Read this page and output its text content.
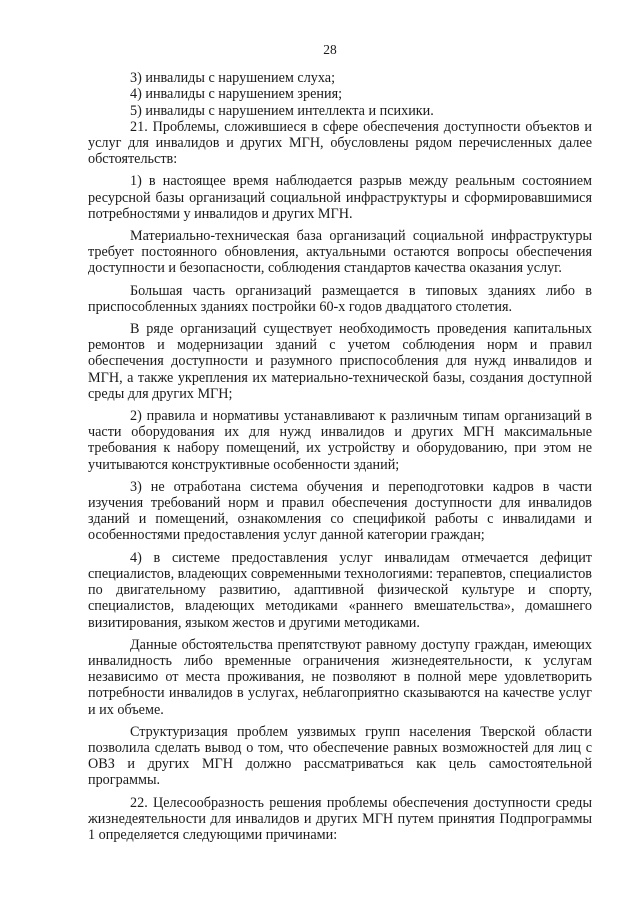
28

3) инвалиды с нарушением слуха;

4) инвалиды с нарушением зрения;

5) инвалиды с нарушением интеллекта и психики.

21. Проблемы, сложившиеся в сфере обеспечения доступности объектов и услуг для инвалидов и других МГН, обусловлены рядом перечисленных далее обстоятельств:

1) в настоящее время наблюдается разрыв между реальным состоянием ресурсной базы организаций социальной инфраструктуры и сформировавшимися потребностями у инвалидов и других МГН.

Материально-техническая база организаций социальной инфраструктуры требует постоянного обновления, актуальными остаются вопросы обеспечения доступности и безопасности, соблюдения стандартов качества оказания услуг.

Большая часть организаций размещается в типовых зданиях либо в приспособленных зданиях постройки 60-х годов двадцатого столетия.

В ряде организаций существует необходимость проведения капитальных ремонтов и модернизации зданий с учетом соблюдения норм и правил обеспечения доступности и разумного приспособления для нужд инвалидов и МГН, а также укрепления их материально-технической базы, создания доступной среды для других МГН;

2) правила и нормативы устанавливают к различным типам организаций в части оборудования их для нужд инвалидов и других МГН максимальные требования к набору помещений, их устройству и оборудованию, при этом не учитываются конструктивные особенности зданий;

3) не отработана система обучения и переподготовки кадров в части изучения требований норм и правил обеспечения доступности для инвалидов зданий и помещений, ознакомления со спецификой работы с инвалидами и особенностями предоставления услуг данной категории граждан;

4) в системе предоставления услуг инвалидам отмечается дефицит специалистов, владеющих современными технологиями: терапевтов, специалистов по двигательному развитию, адаптивной физической культуре и спорту, специалистов, владеющих методиками «раннего вмешательства», домашнего визитирования, языком жестов и другими методиками.

Данные обстоятельства препятствуют равному доступу граждан, имеющих инвалидность либо временные ограничения жизнедеятельности, к услугам независимо от места проживания, не позволяют в полной мере удовлетворить потребности инвалидов в услугах, неблагоприятно сказываются на качестве услуг и их объеме.

Структуризация проблем уязвимых групп населения Тверской области позволила сделать вывод о том, что обеспечение равных возможностей для лиц с ОВЗ и других МГН должно рассматриваться как цель самостоятельной программы.

22. Целесообразность решения проблемы обеспечения доступности среды жизнедеятельности для инвалидов и других МГН путем принятия Подпрограммы 1 определяется следующими причинами:
